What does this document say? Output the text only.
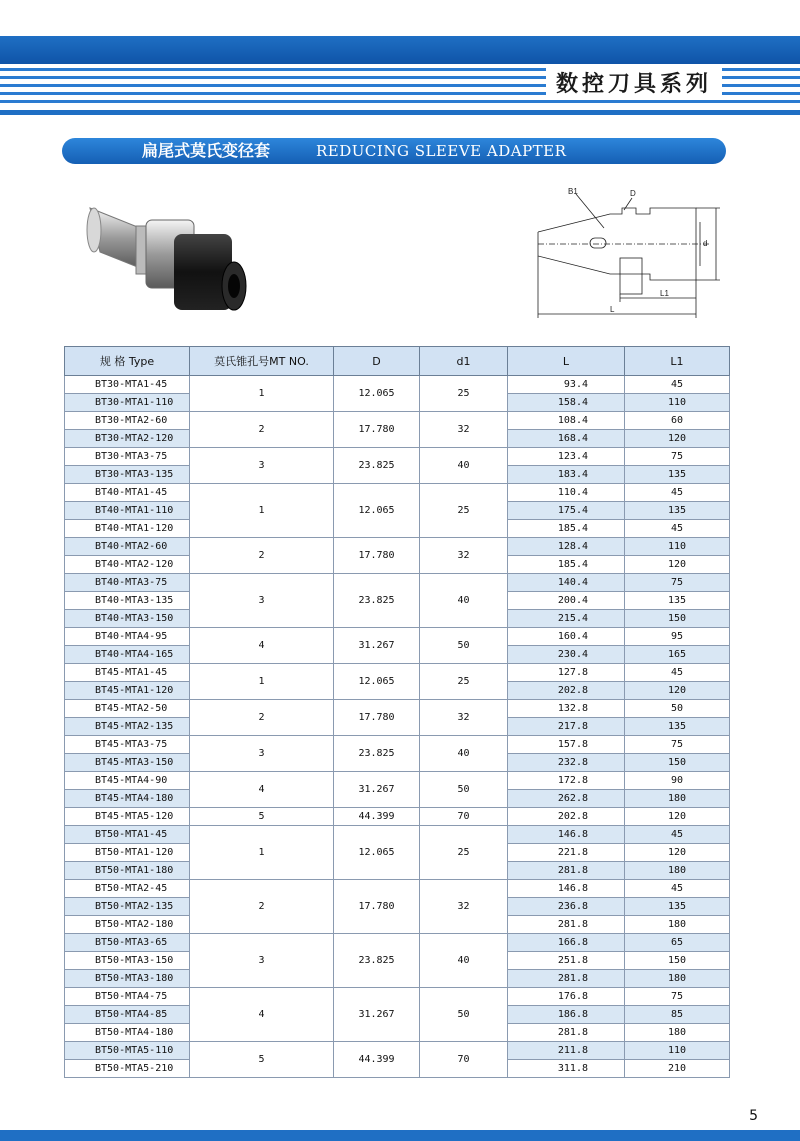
数控刀具系列
扁尾式莫氏变径套	REDUCING SLEEVE ADAPTER
B1	D
d
L1
L
规 格 Type	莫氏锥孔号MT NO.	D	d1	L	L1
BT30-MTA1-45	1	12.065	25	93.4	45
BT30-MTA1-110				158.4	110
BT30-MTA2-60	2	17.780	32	108.4	60
BT30-MTA2-120				168.4	120
BT30-MTA3-75	3	23.825	40	123.4	75
BT30-MTA3-135				183.4	135
BT40-MTA1-45	1	12.065	25	110.4	45
BT40-MTA1-110				175.4	135
BT40-MTA1-120				185.4	45
BT40-MTA2-60	2	17.780	32	128.4	110
BT40-MTA2-120				185.4	120
BT40-MTA3-75	3	23.825	40	140.4	75
BT40-MTA3-135				200.4	135
BT40-MTA3-150				215.4	150
BT40-MTA4-95	4	31.267	50	160.4	95
BT40-MTA4-165				230.4	165
BT45-MTA1-45	1	12.065	25	127.8	45
BT45-MTA1-120				202.8	120
BT45-MTA2-50	2	17.780	32	132.8	50
BT45-MTA2-135				217.8	135
BT45-MTA3-75	3	23.825	40	157.8	75
BT45-MTA3-150				232.8	150
BT45-MTA4-90	4	31.267	50	172.8	90
BT45-MTA4-180				262.8	180
BT45-MTA5-120	5	44.399	70	202.8	120
BT50-MTA1-45	1	12.065	25	146.8	45
BT50-MTA1-120				221.8	120
BT50-MTA1-180				281.8	180
BT50-MTA2-45	2	17.780	32	146.8	45
BT50-MTA2-135				236.8	135
BT50-MTA2-180				281.8	180
BT50-MTA3-65	3	23.825	40	166.8	65
BT50-MTA3-150				251.8	150
BT50-MTA3-180				281.8	180
BT50-MTA4-75	4	31.267	50	176.8	75
BT50-MTA4-85				186.8	85
BT50-MTA4-180				281.8	180
BT50-MTA5-110	5	44.399	70	211.8	110
BT50-MTA5-210				311.8	210
5
